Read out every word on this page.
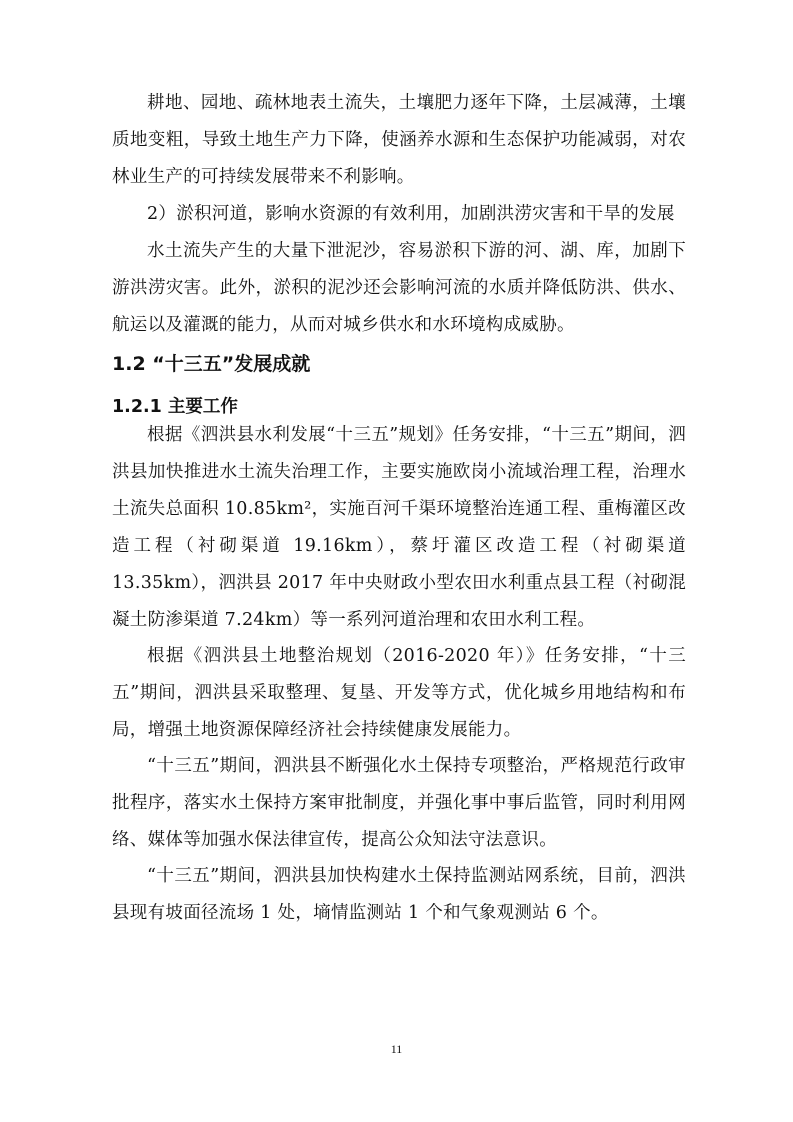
耕地、园地、疏林地表土流失，土壤肥力逐年下降，土层减薄，土壤质地变粗，导致土地生产力下降，使涵养水源和生态保护功能减弱，对农林业生产的可持续发展带来不利影响。
2）淤积河道，影响水资源的有效利用，加剧洪涝灾害和干旱的发展
水土流失产生的大量下泄泥沙，容易淤积下游的河、湖、库，加剧下游洪涝灾害。此外，淤积的泥沙还会影响河流的水质并降低防洪、供水、航运以及灌溉的能力，从而对城乡供水和水环境构成威胁。
1.2 “十三五”发展成就
1.2.1 主要工作
根据《泗洪县水利发展“十三五”规划》任务安排，“十三五”期间，泗洪县加快推进水土流失治理工作，主要实施欧岗小流域治理工程，治理水土流失总面积 10.85km²，实施百河千渠环境整治连通工程、重梅灌区改造工程（衬砌渠道 19.16km），蔡圩灌区改造工程（衬砌渠道 13.35km），泗洪县 2017 年中央财政小型农田水利重点县工程（衬砌混凝土防渗渠道 7.24km）等一系列河道治理和农田水利工程。
根据《泗洪县土地整治规划（2016-2020 年）》任务安排，“十三五”期间，泗洪县采取整理、复垦、开发等方式，优化城乡用地结构和布局，增强土地资源保障经济社会持续健康发展能力。
“十三五”期间，泗洪县不断强化水土保持专项整治，严格规范行政审批程序，落实水土保持方案审批制度，并强化事中事后监管，同时利用网络、媒体等加强水保法律宣传，提高公众知法守法意识。
“十三五”期间，泗洪县加快构建水土保持监测站网系统，目前，泗洪县现有坡面径流场 1 处，墒情监测站 1 个和气象观测站 6 个。
11
